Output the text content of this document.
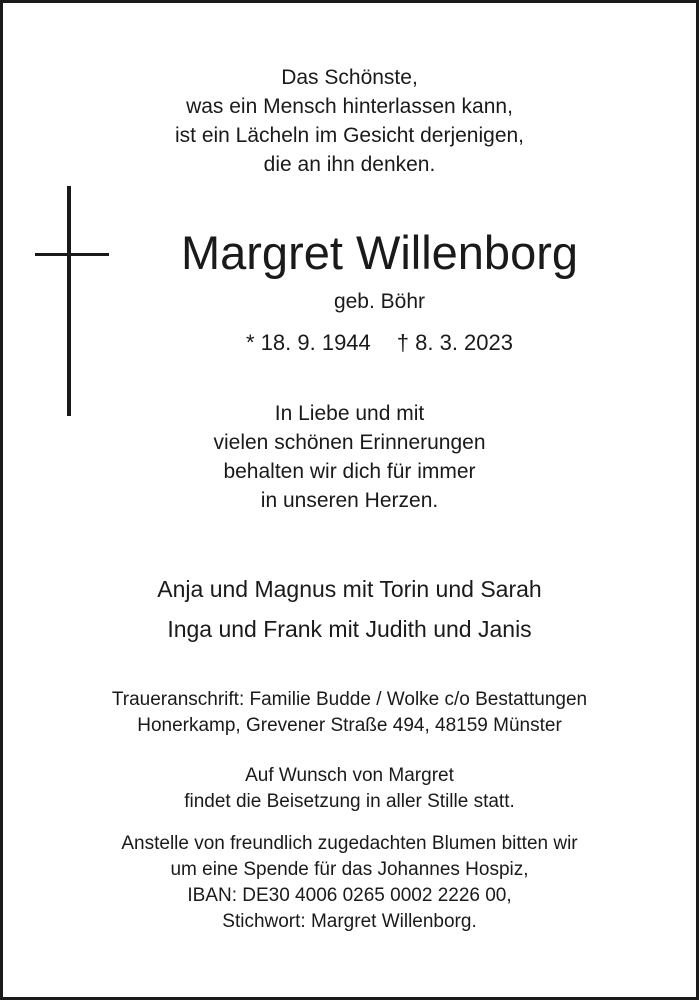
Das Schönste,
was ein Mensch hinterlassen kann,
ist ein Lächeln im Gesicht derjenigen,
die an ihn denken.
Margret Willenborg
geb. Böhr
* 18. 9. 1944 † 8. 3. 2023
In Liebe und mit
vielen schönen Erinnerungen
behalten wir dich für immer
in unseren Herzen.
Anja und Magnus mit Torin und Sarah
Inga und Frank mit Judith und Janis
Traueranschrift: Familie Budde / Wolke c/o Bestattungen
Honerkamp, Grevener Straße 494, 48159 Münster
Auf Wunsch von Margret
findet die Beisetzung in aller Stille statt.
Anstelle von freundlich zugedachten Blumen bitten wir
um eine Spende für das Johannes Hospiz,
IBAN: DE30 4006 0265 0002 2226 00,
Stichwort: Margret Willenborg.
